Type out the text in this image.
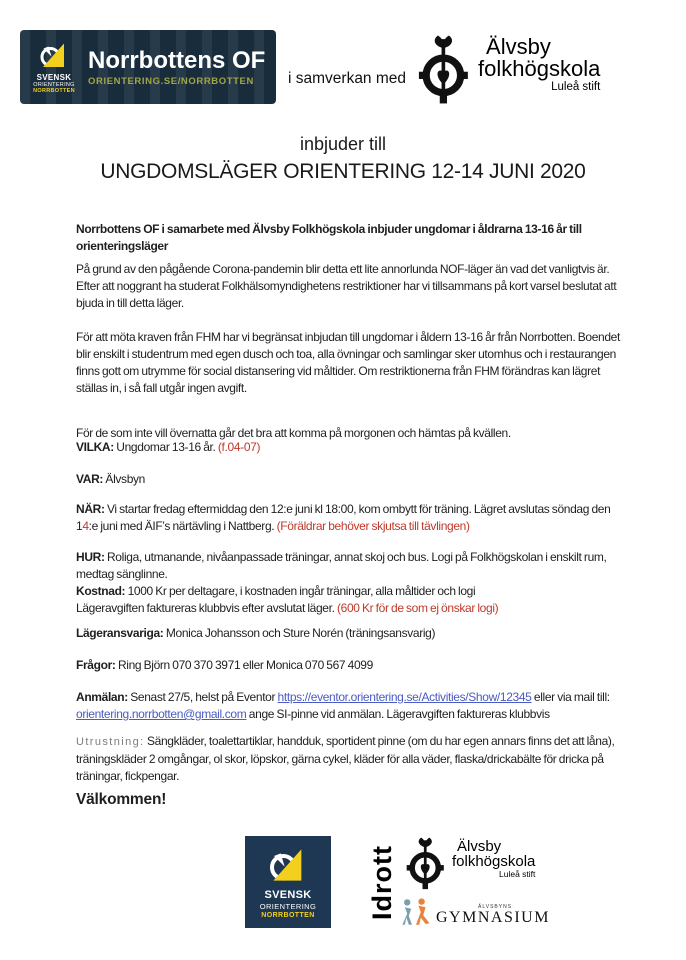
SVENSK
ORIENTERING
NORRBOTTEN
Norrbottens OF
ORIENTERING.SE/NORRBOTTEN	i samverkan med
Älvsby
folkhögskola
Luleå stift
inbjuder till
UNGDOMSLÄGER ORIENTERING 12-14 JUNI 2020
Norrbottens OF i samarbete med Älvsby Folkhögskola inbjuder ungdomar i åldrarna 13-16 år till orienteringsläger
På grund av den pågående Corona-pandemin blir detta ett lite annorlunda NOF-läger än vad det vanligtvis är. Efter att noggrant ha studerat Folkhälsomyndighetens restriktioner har vi tillsammans på kort varsel beslutat att bjuda in till detta läger.
För att möta kraven från FHM har vi begränsat inbjudan till ungdomar i åldern 13-16 år från Norrbotten. Boendet blir enskilt i studentrum med egen dusch och toa, alla övningar och samlingar sker utomhus och i restaurangen finns gott om utrymme för social distansering vid måltider. Om restriktionerna från FHM förändras kan lägret ställas in, i så fall utgår ingen avgift.
För de som inte vill övernatta går det bra att komma på morgonen och hämtas på kvällen.
VILKA: Ungdomar 13-16 år. (f.04-07)
VAR: Älvsbyn
NÄR: Vi startar fredag eftermiddag den 12:e juni kl 18:00, kom ombytt för träning. Lägret avslutas söndag den 14:e juni med ÄIF’s närtävling i Nattberg. (Föräldrar behöver skjutsa till tävlingen)
HUR: Roliga, utmanande, nivåanpassade träningar, annat skoj och bus. Logi på Folkhögskolan i enskilt rum, medtag sänglinne.
Kostnad: 1000 Kr per deltagare, i kostnaden ingår träningar, alla måltider och logi
Lägeravgiften faktureras klubbvis efter avslutat läger. (600 Kr för de som ej önskar logi)
Lägeransvariga: Monica Johansson och Sture Norén (träningsansvarig)
Frågor: Ring Björn 070 370 3971 eller Monica 070 567 4099
Anmälan: Senast 27/5, helst på Eventor https://eventor.orientering.se/Activities/Show/12345 eller via mail till: orientering.norrbotten@gmail.com ange SI-pinne vid anmälan. Lägeravgiften faktureras klubbvis
Utrustning: Sängkläder, toalettartiklar, handduk, sportident pinne (om du har egen annars finns det att låna), träningskläder 2 omgångar, ol skor, löpskor, gärna cykel, kläder för alla väder, flaska/drickabälte för dricka på träningar, fickpengar.
Välkommen!
SVENSK
ORIENTERING
NORRBOTTEN Idrott	Älvsby
folkhögskola
Luleå stift
ÄLVSBYNS
GYMNASIUM
